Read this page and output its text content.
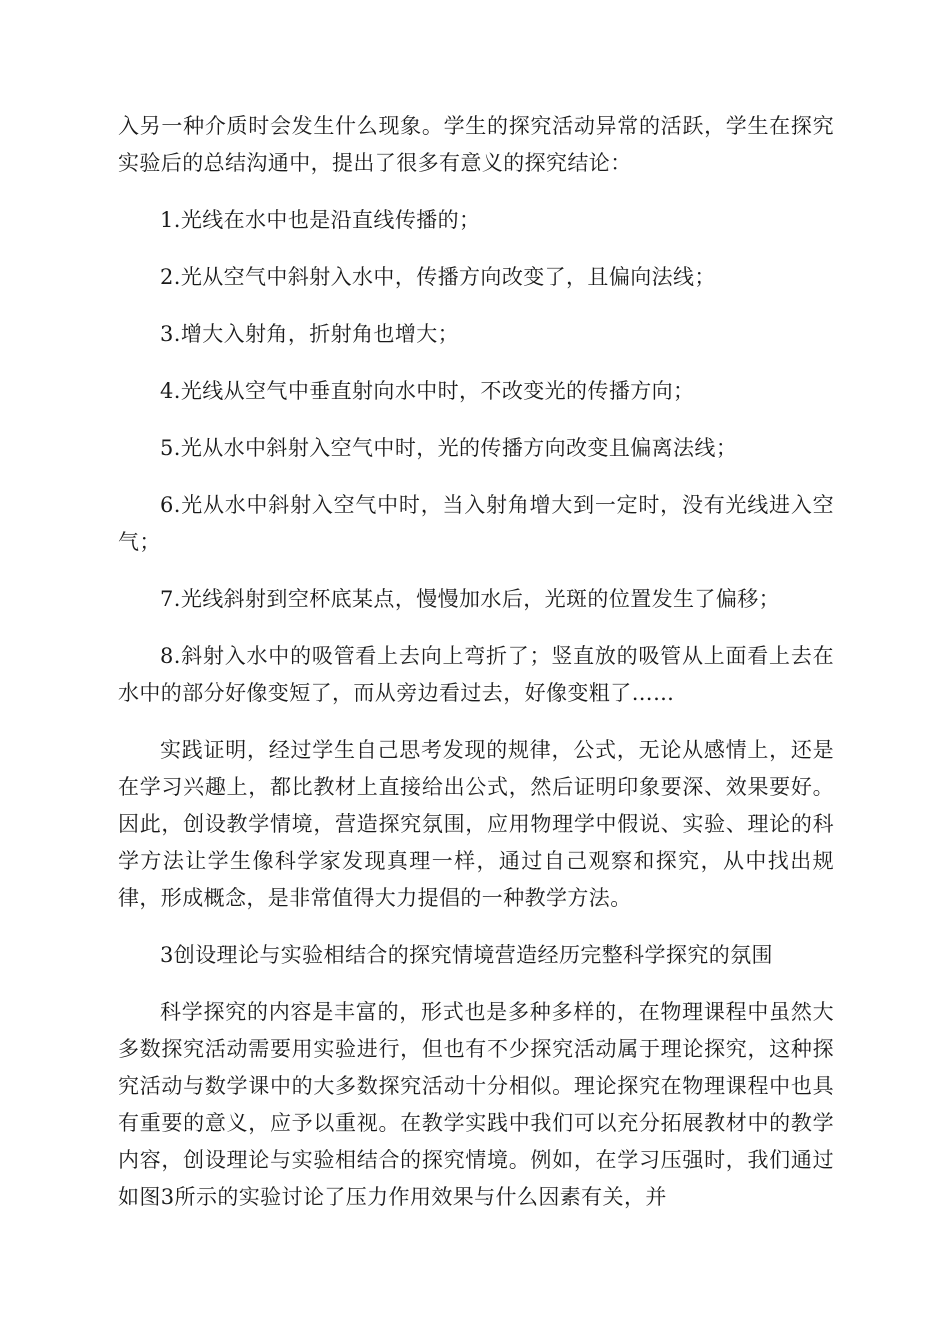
入另一种介质时会发生什么现象。学生的探究活动异常的活跃，学生在探究实验后的总结沟通中，提出了很多有意义的探究结论：

1.光线在水中也是沿直线传播的；

2.光从空气中斜射入水中，传播方向改变了，且偏向法线；

3.增大入射角，折射角也增大；

4.光线从空气中垂直射向水中时，不改变光的传播方向；

5.光从水中斜射入空气中时，光的传播方向改变且偏离法线；

6.光从水中斜射入空气中时，当入射角增大到一定时，没有光线进入空气；

7.光线斜射到空杯底某点，慢慢加水后，光斑的位置发生了偏移；

8.斜射入水中的吸管看上去向上弯折了；竖直放的吸管从上面看上去在水中的部分好像变短了，而从旁边看过去，好像变粗了……

实践证明，经过学生自己思考发现的规律，公式，无论从感情上，还是在学习兴趣上，都比教材上直接给出公式，然后证明印象要深、效果要好。因此，创设教学情境，营造探究氛围，应用物理学中假说、实验、理论的科学方法让学生像科学家发现真理一样，通过自己观察和探究，从中找出规律，形成概念，是非常值得大力提倡的一种教学方法。

3创设理论与实验相结合的探究情境营造经历完整科学探究的氛围

科学探究的内容是丰富的，形式也是多种多样的，在物理课程中虽然大多数探究活动需要用实验进行，但也有不少探究活动属于理论探究，这种探究活动与数学课中的大多数探究活动十分相似。理论探究在物理课程中也具有重要的意义，应予以重视。在教学实践中我们可以充分拓展教材中的教学内容，创设理论与实验相结合的探究情境。例如，在学习压强时，我们通过如图3所示的实验讨论了压力作用效果与什么因素有关，并
